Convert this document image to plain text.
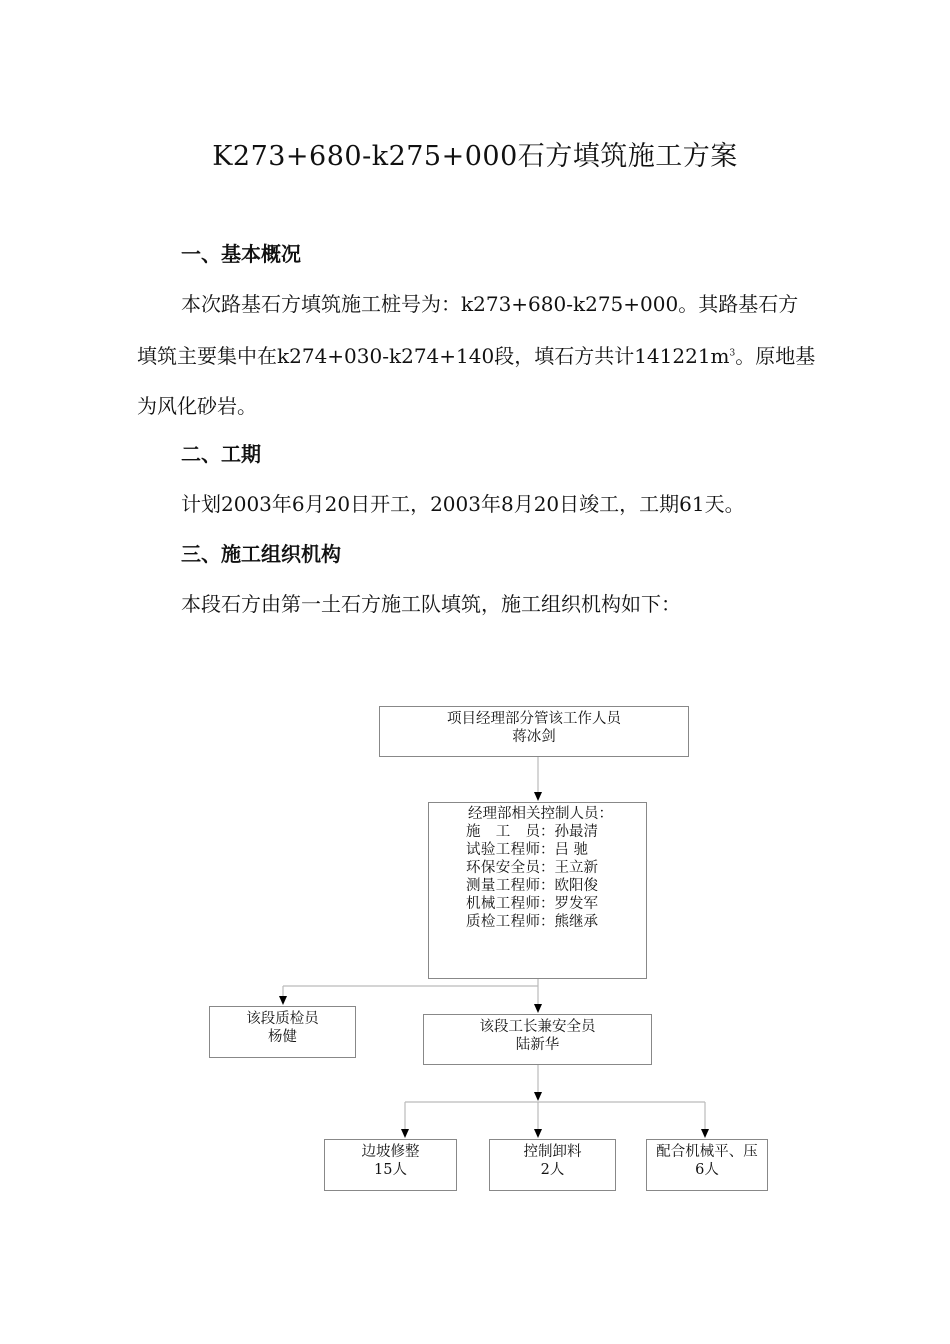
K273+680-k275+000石方填筑施工方案
一、基本概况
本次路基石方填筑施工桩号为：k273+680-k275+000。其路基石方
填筑主要集中在k274+030-k274+140段，填石方共计$141221m^3$。原地基
为风化砂岩。
二、工期
计划2003年6月20日开工，2003年8月20日竣工，工期61天。
三、施工组织机构
本段石方由第一土石方施工队填筑，施工组织机构如下：
项目经理部分管该工作人员
蒋冰剑
经理部相关控制人员：
施工员：孙最清
试验工程师：吕 驰
环保安全员：王立新
测量工程师：欧阳俊
机械工程师：罗发军
质检工程师：熊继承
该段质检员
杨健
该段工长兼安全员
陆新华
边坡修整
15人
控制卸料
2人
配合机械平、压
6人
